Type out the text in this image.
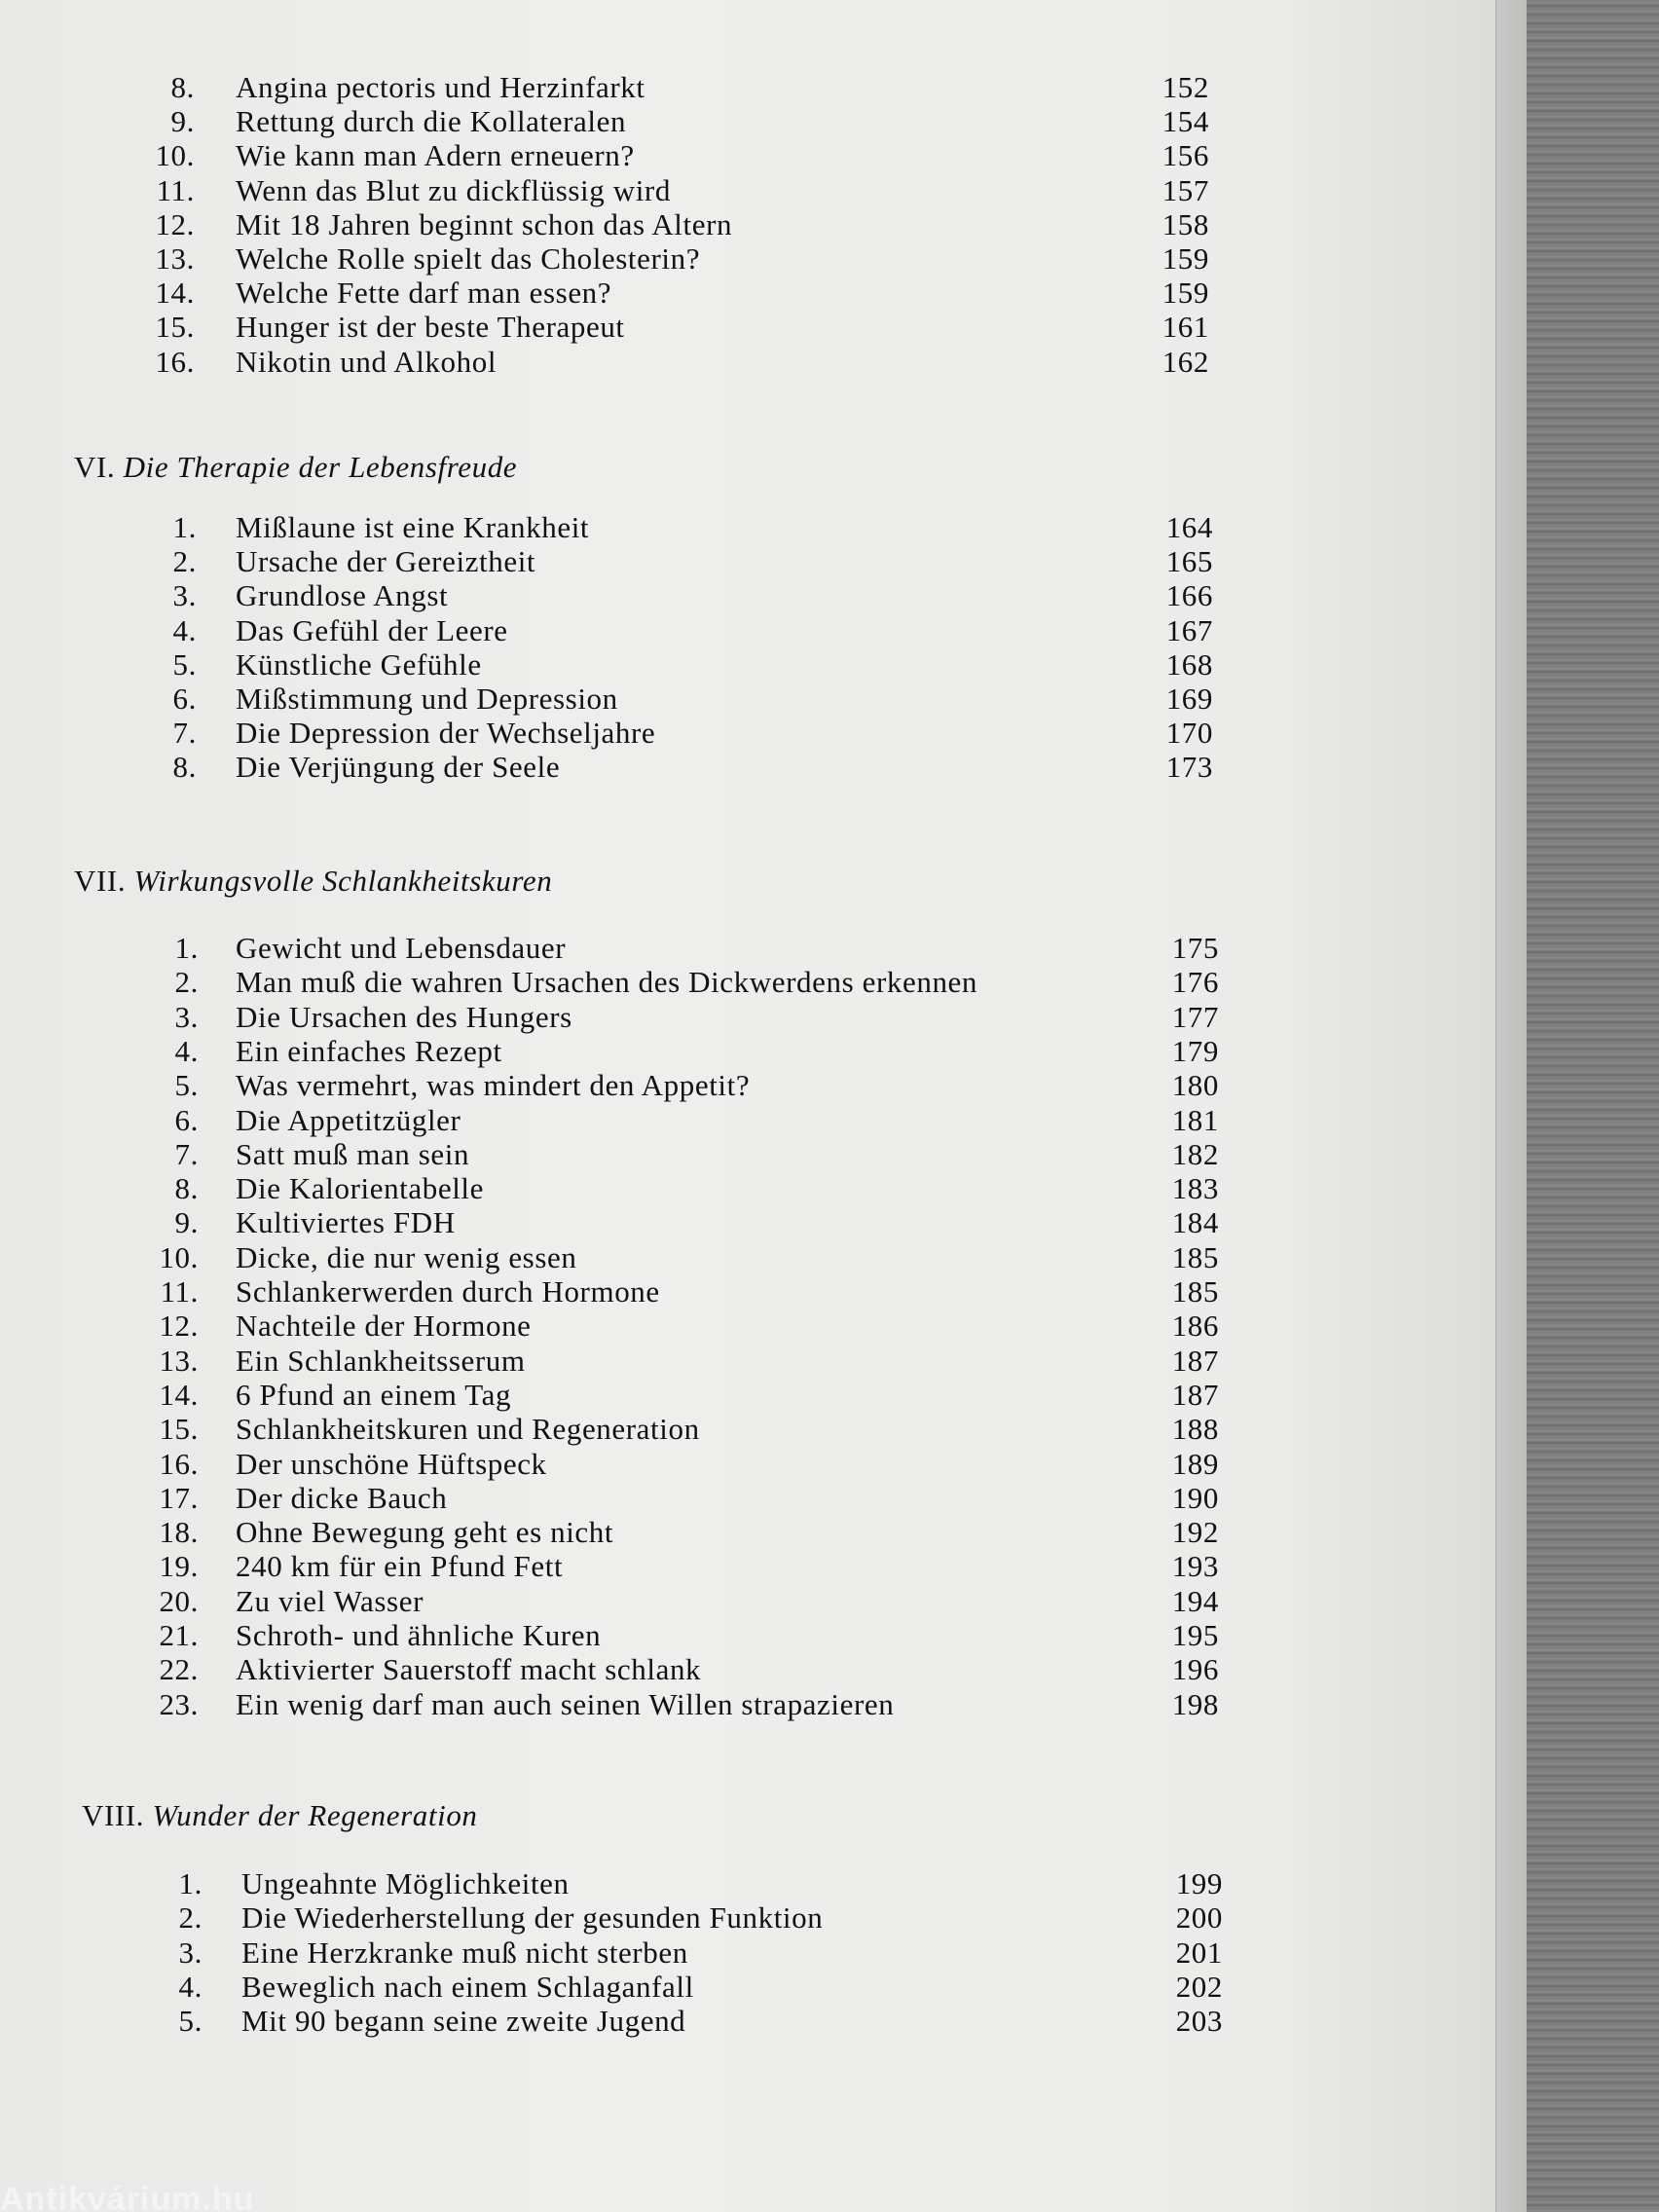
8. Angina pectoris und Herzinfarkt	152
9. Rettung durch die Kollateralen	154
10. Wie kann man Adern erneuern?	156
11. Wenn das Blut zu dickflüssig wird	157
12. Mit 18 Jahren beginnt schon das Altern	158
13. Welche Rolle spielt das Cholesterin?	159
14. Welche Fette darf man essen?	159
15. Hunger ist der beste Therapeut	161
16. Nikotin und Alkohol	162
VI. Die Therapie der Lebensfreude
1. Mißlaune ist eine Krankheit	164
2. Ursache der Gereiztheit	165
3. Grundlose Angst	166
4. Das Gefühl der Leere	167
5. Künstliche Gefühle	168
6. Mißstimmung und Depression	169
7. Die Depression der Wechseljahre	170
8. Die Verjüngung der Seele	173
VII. Wirkungsvolle Schlankheitskuren
1. Gewicht und Lebensdauer	175
2. Man muß die wahren Ursachen des Dickwerdens erkennen	176
3. Die Ursachen des Hungers	177
4. Ein einfaches Rezept	179
5. Was vermehrt, was mindert den Appetit?	180
6. Die Appetitzügler	181
7. Satt muß man sein	182
8. Die Kalorientabelle	183
9. Kultiviertes FDH	184
10. Dicke, die nur wenig essen	185
11. Schlankerwerden durch Hormone	185
12. Nachteile der Hormone	186
13. Ein Schlankheitsserum	187
14. 6 Pfund an einem Tag	187
15. Schlankheitskuren und Regeneration	188
16. Der unschöne Hüftspeck	189
17. Der dicke Bauch	190
18. Ohne Bewegung geht es nicht	192
19. 240 km für ein Pfund Fett	193
20. Zu viel Wasser	194
21. Schroth- und ähnliche Kuren	195
22. Aktivierter Sauerstoff macht schlank	196
23. Ein wenig darf man auch seinen Willen strapazieren	198
VIII. Wunder der Regeneration
1. Ungeahnte Möglichkeiten	199
2. Die Wiederherstellung der gesunden Funktion	200
3. Eine Herzkranke muß nicht sterben	201
4. Beweglich nach einem Schlaganfall	202
5. Mit 90 begann seine zweite Jugend	203
Antikvárium.hu
